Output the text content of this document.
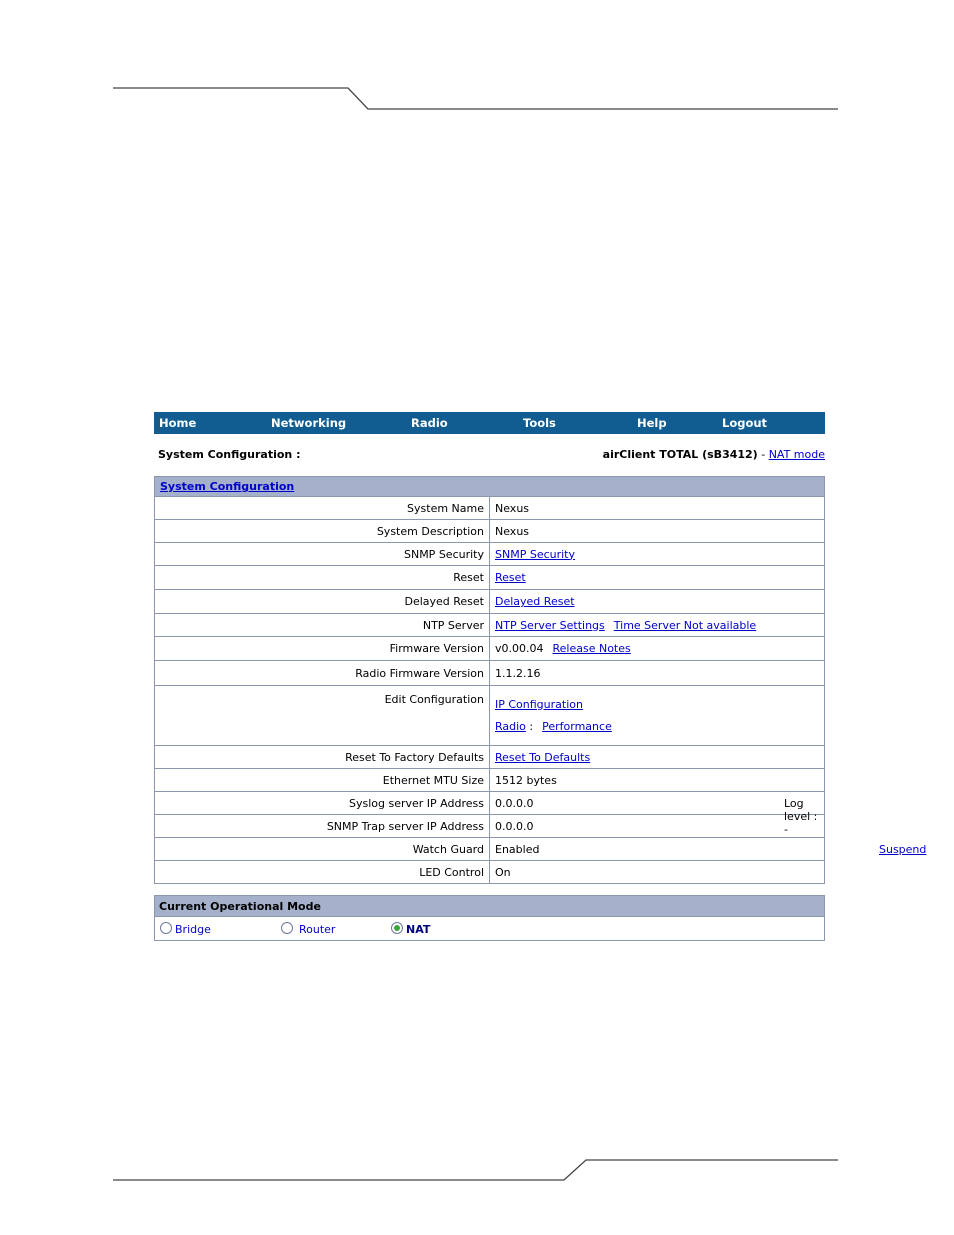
Home	Networking	Radio	Tools	Help	Logout
System Configuration :	airClient TOTAL (sB3412) - NAT mode
System Configuration	
System Name	Nexus
System Description	Nexus
SNMP Security	SNMP Security
Reset	Reset
Delayed Reset	Delayed Reset
NTP Server	NTP Server Settings Time Server Not available
Firmware Version	v0.00.04 Release Notes
Radio Firmware Version	1.1.2.16
Edit Configuration	IP Configuration
Radio : Performance

Reset To Factory Defaults	Reset To Defaults
Ethernet MTU Size	1512 bytes
Syslog server IP Address	0.0.0.0 Log level : -

SNMP Trap server IP Address	0.0.0.0
Watch Guard	Enabled Suspend

LED Control	On
Current Operational Mode

Bridge	Router	NAT
